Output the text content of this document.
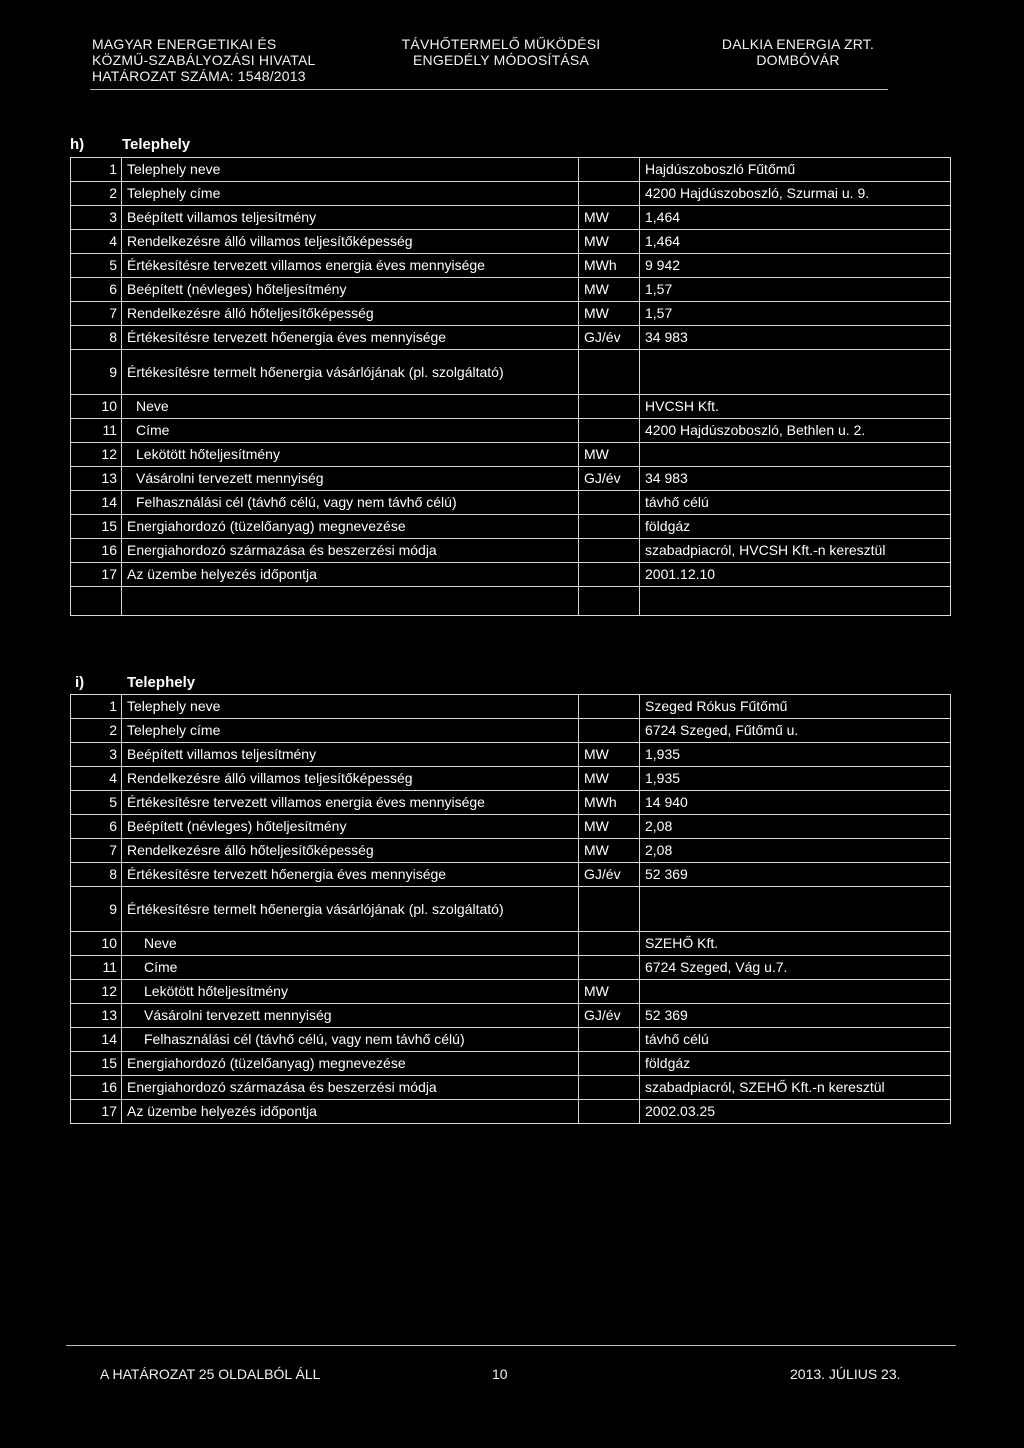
MAGYAR ENERGETIKAI ÉS
KÖZMŰ-SZABÁLYOZÁSI HIVATAL
HATÁROZAT SZÁMA: 1548/2013
TÁVHŐTERMELŐ MŰKÖDÉSI
ENGEDÉLY MÓDOSÍTÁSA
DALKIA ENERGIA ZRT.
DOMBÓVÁR
h)	Telephely
1	Telephely neve		Hajdúszoboszló Fűtőmű
2	Telephely címe		4200 Hajdúszoboszló, Szurmai u. 9.
3	Beépített villamos teljesítmény	MW	1,464
4	Rendelkezésre álló villamos teljesítőképesség	MW	1,464
5	Értékesítésre tervezett villamos energia éves mennyisége	MWh	9 942
6	Beépített (névleges) hőteljesítmény	MW	1,57
7	Rendelkezésre álló hőteljesítőképesség	MW	1,57
8	Értékesítésre tervezett hőenergia éves mennyisége	GJ/év	34 983
9	Értékesítésre termelt hőenergia vásárlójának (pl. szolgáltató)		
10	Neve		HVCSH Kft.
11	Címe		4200 Hajdúszoboszló, Bethlen u. 2.
12	Lekötött hőteljesítmény	MW	
13	Vásárolni tervezett mennyiség	GJ/év	34 983
14	Felhasználási cél (távhő célú, vagy nem távhő célú)		távhő célú
15	Energiahordozó (tüzelőanyag) megnevezése		földgáz
16	Energiahordozó származása és beszerzési módja		szabadpiacról, HVCSH Kft.-n keresztül
17	Az üzembe helyezés időpontja		2001.12.10

i)	Telephely
1	Telephely neve		Szeged Rókus Fűtőmű
2	Telephely címe		6724 Szeged, Fűtőmű u.
3	Beépített villamos teljesítmény	MW	1,935
4	Rendelkezésre álló villamos teljesítőképesség	MW	1,935
5	Értékesítésre tervezett villamos energia éves mennyisége	MWh	14 940
6	Beépített (névleges) hőteljesítmény	MW	2,08
7	Rendelkezésre álló hőteljesítőképesség	MW	2,08
8	Értékesítésre tervezett hőenergia éves mennyisége	GJ/év	52 369
9	Értékesítésre termelt hőenergia vásárlójának (pl. szolgáltató)		
10	Neve		SZEHŐ Kft.
11	Címe		6724 Szeged, Vág u.7.
12	Lekötött hőteljesítmény	MW	
13	Vásárolni tervezett mennyiség	GJ/év	52 369
14	Felhasználási cél (távhő célú, vagy nem távhő célú)		távhő célú
15	Energiahordozó (tüzelőanyag) megnevezése		földgáz
16	Energiahordozó származása és beszerzési módja		szabadpiacról, SZEHŐ Kft.-n keresztül
17	Az üzembe helyezés időpontja		2002.03.25
A HATÁROZAT 25 OLDALBÓL ÁLL	10	2013. JÚLIUS 23.
